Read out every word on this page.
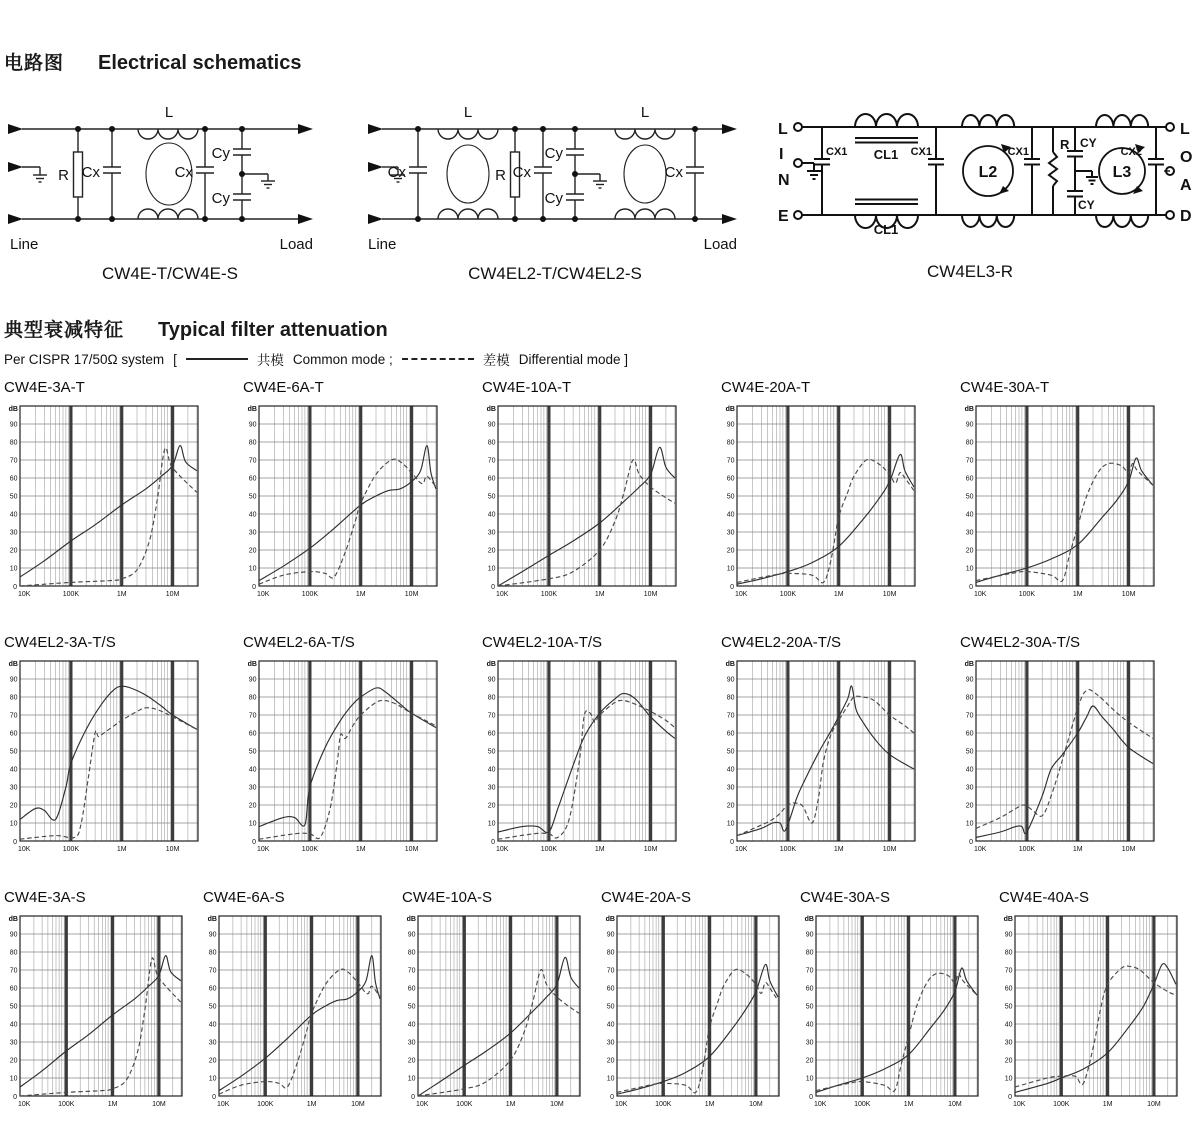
电路图 Electrical schematics
R Cx
L
Cx
Cy
Cy
Line	Load
CW4E-T/CW4E-S
Cx
L
R Cx
Cy
Cy
L
Cx
Line	Load
CW4EL2-T/CW4EL2-S
L
I
N
E
L
O
A
D
CX1 CL1
CL1
CX1
L2
CX1 R CY
CY
L3
CX2
CW4EL3-R
典型衰减特征 Typical filter attenuation
Per CISPR 17/50Ω system [	共模 Common mode ;	差模 Differential mode ]
CW4E-3A-T
dB
10
20
30
40
50
60
70
80
90
0
10K	100K	1M	10M
CW4E-6A-T
dB
10
20
30
40
50
60
70
80
90
0
10K	100K	1M	10M
CW4E-10A-T
dB
10
20
30
40
50
60
70
80
90
0
10K	100K	1M	10M
CW4E-20A-T
dB
10
20
30
40
50
60
70
80
90
0
10K	100K	1M	10M
CW4E-30A-T
dB
10
20
30
40
50
60
70
80
90
0
10K	100K	1M	10M
CW4EL2-3A-T/S
dB
10
20
30
40
50
60
70
80
90
0
10K	100K	1M	10M
CW4EL2-6A-T/S
dB
10
20
30
40
50
60
70
80
90
0
10K	100K	1M	10M
CW4EL2-10A-T/S
dB
10
20
30
40
50
60
70
80
90
0
10K	100K	1M	10M
CW4EL2-20A-T/S
dB
10
20
30
40
50
60
70
80
90
0
10K	100K	1M	10M
CW4EL2-30A-T/S
dB
10
20
30
40
50
60
70
80
90
0
10K	100K	1M	10M
CW4E-3A-S
dB
10
20
30
40
50
60
70
80
90
0
10K	100K	1M	10M
CW4E-6A-S
dB
10
20
30
40
50
60
70
80
90
0
10K	100K	1M	10M
CW4E-10A-S
dB
10
20
30
40
50
60
70
80
90
0
10K	100K	1M	10M
CW4E-20A-S
dB
10
20
30
40
50
60
70
80
90
0
10K	100K	1M	10M
CW4E-30A-S
dB
10
20
30
40
50
60
70
80
90
0
10K	100K	1M	10M
CW4E-40A-S
dB
10
20
30
40
50
60
70
80
90
0
10K	100K	1M	10M
